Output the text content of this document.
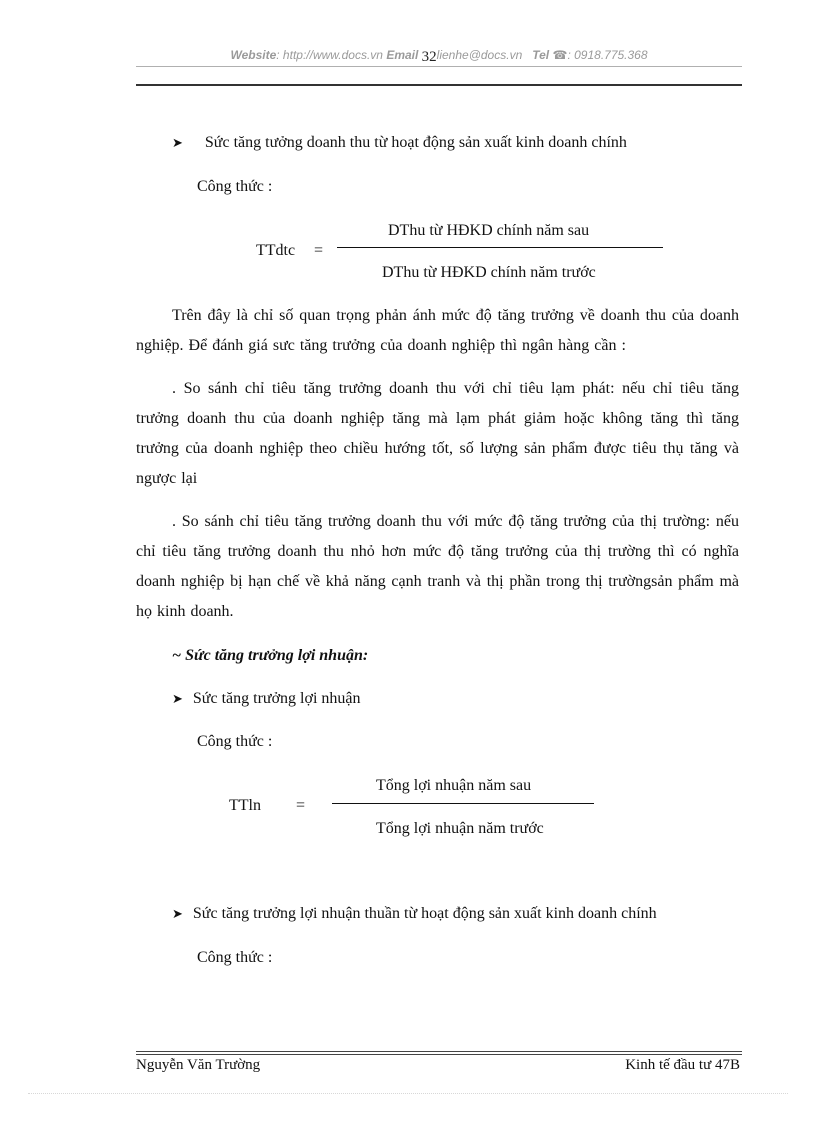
Website: http://www.docs.vn Email 32lienhe@docs.vn   Tel ☎: 0918.775.368
➤ Sức tăng tưởng doanh thu từ hoạt động sản xuất kinh doanh chính
Công thức :
DThu từ HĐKD chính năm sau
TTdtc =
DThu từ HĐKD chính năm trước
Trên đây là chỉ số quan trọng phản ánh mức độ tăng trưởng về doanh thu của doanh nghiệp. Để đánh giá sưc tăng trưởng của doanh nghiệp thì ngân hàng cần :
. So sánh chỉ tiêu tăng trưởng doanh thu với chỉ tiêu lạm phát: nếu chỉ tiêu tăng trưởng doanh thu của doanh nghiệp tăng mà lạm phát giảm hoặc không tăng thì tăng trưởng của doanh nghiệp theo chiều hướng tốt, số lượng sản phẩm được tiêu thụ tăng và ngược lại
. So sánh chỉ tiêu tăng trưởng doanh thu với mức độ tăng trưởng của thị trường: nếu chỉ tiêu tăng trưởng doanh thu nhỏ hơn mức độ tăng trưởng của thị trường thì có nghĩa doanh nghiệp bị hạn chế về khả năng cạnh tranh và thị phần trong thị trườngsản phẩm mà họ kinh doanh.
~ Sức tăng trưởng lợi nhuận:
➤ Sức tăng trưởng lợi nhuận
Công thức :
Tổng lợi nhuận năm sau
TTln =
Tổng lợi nhuận năm trước
➤ Sức tăng trưởng lợi nhuận thuần từ hoạt động sản xuất kinh doanh chính
Công thức :
Nguyễn Văn Trường	Kinh tế đầu tư 47B
